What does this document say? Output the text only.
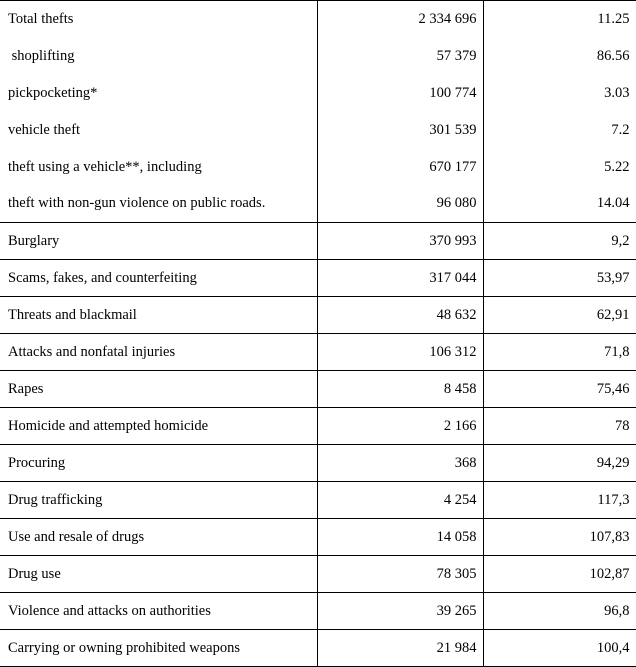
Total thefts	2 334 696	11.25
shoplifting	57 379	86.56
pickpocketing*	100 774	3.03
vehicle theft	301 539	7.2
theft using a vehicle**, including	670 177	5.22
theft with non-gun violence on public roads.	96 080	14.04
Burglary	370 993	9,2
Scams, fakes, and counterfeiting	317 044	53,97
Threats and blackmail	48 632	62,91
Attacks and nonfatal injuries	106 312	71,8
Rapes	8 458	75,46
Homicide and attempted homicide	2 166	78
Procuring	368	94,29
Drug trafficking	4 254	117,3
Use and resale of drugs	14 058	107,83
Drug use	78 305	102,87
Violence and attacks on authorities	39 265	96,8
Carrying or owning prohibited weapons	21 984	100,4
